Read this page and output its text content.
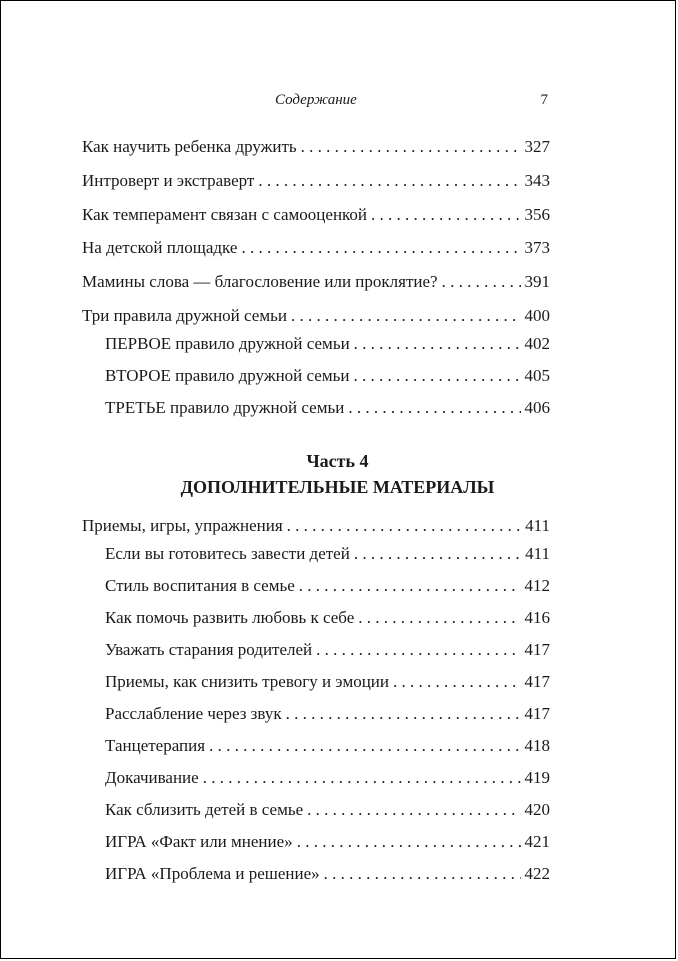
Содержание	7
Как научить ребенка дружить . . .	327
Интроверт и экстраверт . . .	343
Как темперамент связан с самооценкой . . .	356
На детской площадке . . .	373
Мамины слова — благословение или проклятие? . . .	391
Три правила дружной семьи . . .	400
ПЕРВОЕ правило дружной семьи . . .	402
ВТОРОЕ правило дружной семьи . . .	405
ТРЕТЬЕ правило дружной семьи . . .	406
Часть 4
ДОПОЛНИТЕЛЬНЫЕ МАТЕРИАЛЫ
Приемы, игры, упражнения . . .	411
Если вы готовитесь завести детей . . .	411
Стиль воспитания в семье . . .	412
Как помочь развить любовь к себе . . .	416
Уважать старания родителей . . .	417
Приемы, как снизить тревогу и эмоции . . .	417
Расслабление через звук . . .	417
Танцетерапия . . .	418
Докачивание . . .	419
Как сблизить детей в семье . . .	420
ИГРА «Факт или мнение» . . .	421
ИГРА «Проблема и решение» . . .	422
